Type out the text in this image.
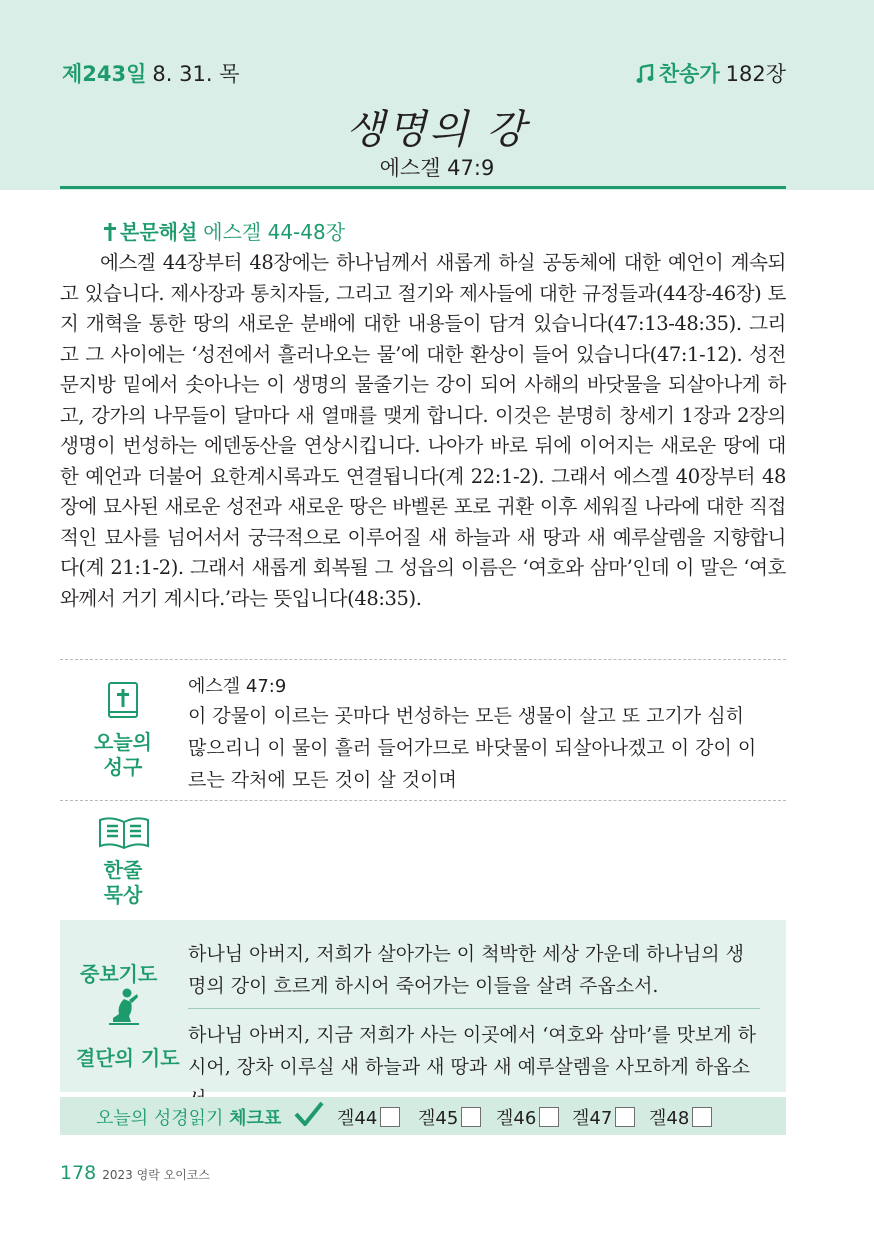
제243일 8. 31. 목	찬송가 182장
생명의 강
에스겔 47:9
본문해설 에스겔 44-48장

에스겔 44장부터 48장에는 하나님께서 새롭게 하실 공동체에 대한 예언이 계속되고 있습니다. 제사장과 통치자들, 그리고 절기와 제사들에 대한 규정들과(44장-46장) 토지 개혁을 통한 땅의 새로운 분배에 대한 내용들이 담겨 있습니다(47:13-48:35). 그리고 그 사이에는 ‘성전에서 흘러나오는 물’에 대한 환상이 들어 있습니다(47:1-12). 성전 문지방 밑에서 솟아나는 이 생명의 물줄기는 강이 되어 사해의 바닷물을 되살아나게 하고, 강가의 나무들이 달마다 새 열매를 맺게 합니다. 이것은 분명히 창세기 1장과 2장의 생명이 번성하는 에덴동산을 연상시킵니다. 나아가 바로 뒤에 이어지는 새로운 땅에 대한 예언과 더불어 요한계시록과도 연결됩니다(계 22:1-2). 그래서 에스겔 40장부터 48장에 묘사된 새로운 성전과 새로운 땅은 바벨론 포로 귀환 이후 세워질 나라에 대한 직접적인 묘사를 넘어서서 궁극적으로 이루어질 새 하늘과 새 땅과 새 예루살렘을 지향합니다(계 21:1-2). 그래서 새롭게 회복될 그 성읍의 이름은 ‘여호와 삼마’인데 이 말은 ‘여호와께서 거기 계시다.’라는 뜻입니다(48:35).

오늘의
성구
에스겔 47:9

이 강물이 이르는 곳마다 번성하는 모든 생물이 살고 또 고기가 심히 많으리니 이 물이 흘러 들어가므로 바닷물이 되살아나겠고 이 강이 이르는 각처에 모든 것이 살 것이며

한줄
묵상
중보기도
결단의 기도

하나님 아버지, 저희가 살아가는 이 척박한 세상 가운데 하나님의 생명의 강이 흐르게 하시어 죽어가는 이들을 살려 주옵소서.

하나님 아버지, 지금 저희가 사는 이곳에서 ‘여호와 삼마’를 맛보게 하시어, 장차 이루실 새 하늘과 새 땅과 새 예루살렘을 사모하게 하옵소

오늘의 성경읽기 체크표	겔44	겔45	겔46	겔47	겔48
178 2023 영락 오이코스
